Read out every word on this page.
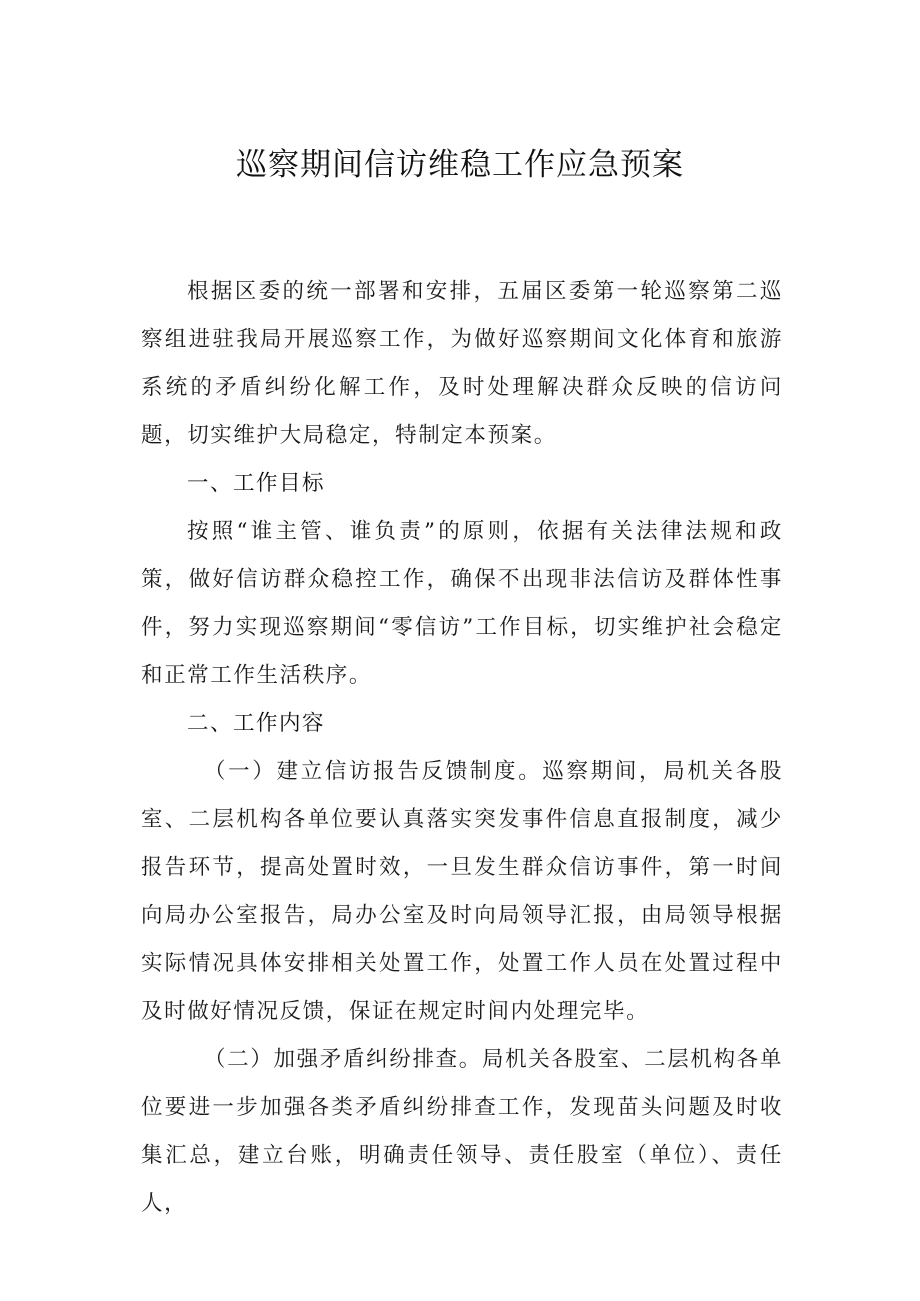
巡察期间信访维稳工作应急预案

根据区委的统一部署和安排，五届区委第一轮巡察第二巡察组进驻我局开展巡察工作，为做好巡察期间文化体育和旅游系统的矛盾纠纷化解工作，及时处理解决群众反映的信访问题，切实维护大局稳定，特制定本预案。

一、工作目标

按照“谁主管、谁负责”的原则，依据有关法律法规和政策，做好信访群众稳控工作，确保不出现非法信访及群体性事件，努力实现巡察期间“零信访”工作目标，切实维护社会稳定和正常工作生活秩序。

二、工作内容

（一）建立信访报告反馈制度。巡察期间，局机关各股室、二层机构各单位要认真落实突发事件信息直报制度，减少报告环节，提高处置时效，一旦发生群众信访事件，第一时间向局办公室报告，局办公室及时向局领导汇报，由局领导根据实际情况具体安排相关处置工作，处置工作人员在处置过程中及时做好情况反馈，保证在规定时间内处理完毕。

（二）加强矛盾纠纷排查。局机关各股室、二层机构各单位要进一步加强各类矛盾纠纷排查工作，发现苗头问题及时收集汇总，建立台账，明确责任领导、责任股室（单位）、责任人，
